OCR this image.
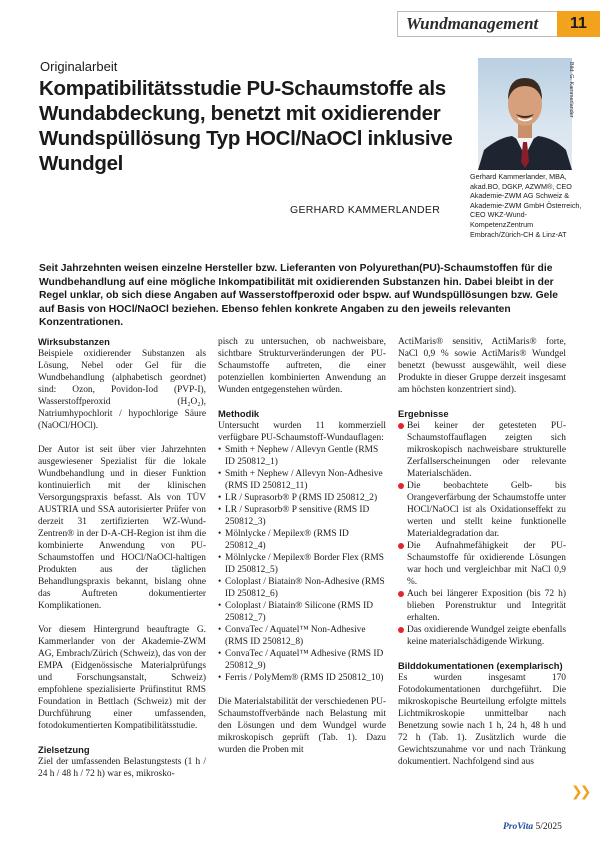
Wundmanagement	11
Originalarbeit
Kompatibilitätsstudie PU-Schaumstoffe als Wundabdeckung, benetzt mit oxidierender Wundspüllösung Typ HOCl/NaOCl inklusive Wundgel
GERHARD KAMMERLANDER
Bild: G. Kammerlander
Gerhard Kammerlander, MBA, akad.BO, DGKP, AZWM®, CEO Akademie-ZWM AG Schweiz & Akademie-ZWM GmbH Österreich, CEO WKZ-Wund-KompetenzZentrum Embrach/Zürich-CH & Linz-AT

Seit Jahrzehnten weisen einzelne Hersteller bzw. Lieferanten von Polyurethan(PU)-Schaumstoffen für die Wundbehandlung auf eine mögliche Inkompatibilität mit oxidierenden Substanzen hin. Dabei bleibt in der Regel unklar, ob sich diese Angaben auf Wasserstoffperoxid oder bspw. auf Wundspüllösungen bzw. Gele auf Basis von HOCl/NaOCl beziehen. Ebenso fehlen konkrete Angaben zu den jeweils relevanten Konzentrationen.

Wirksubstanzen

Beispiele oxidierender Substanzen als Lösung, Nebel oder Gel für die Wundbehandlung (alphabetisch geordnet) sind: Ozon, Povidon-Iod (PVP-I), Wasserstoffperoxid (H₂O₂), Natriumhypochlorit / hypochlorige Säure (NaOCl/HOCl).

Der Autor ist seit über vier Jahrzehnten ausgewiesener Spezialist für die lokale Wundbehandlung und in dieser Funktion kontinuierlich mit der klinischen Versorgungspraxis befasst. Als von TÜV AUSTRIA und SSA autorisierter Prüfer von derzeit 31 zertifizierten WZ-Wund-Zentren® in der D-A-CH-Region ist ihm die kombinierte Anwendung von PU-Schaumstoffen und HOCl/NaOCl-haltigen Produkten aus der täglichen Behandlungspraxis bekannt, bislang ohne das Auftreten dokumentierter Komplikationen.

Vor diesem Hintergrund beauftragte G. Kammerlander von der Akademie-ZWM AG, Embrach/Zürich (Schweiz), das von der EMPA (Eidgenössische Materialprüfungs und Forschungsanstalt, Schweiz) empfohlene spezialisierte Prüfinstitut RMS Foundation in Bettlach (Schweiz) mit der Durchführung einer umfassenden, fotodokumentierten Kompatibilitätsstudie.

Zielsetzung

Ziel der umfassenden Belastungstests (1 h / 24 h / 48 h / 72 h) war es, mikrosko-

pisch zu untersuchen, ob nachweisbare, sichtbare Strukturveränderungen der PU-Schaumstoffe auftreten, die einer potenziellen kombinierten Anwendung an Wunden entgegenstehen würden.

Methodik

Untersucht wurden 11 kommerziell verfügbare PU-Schaumstoff-Wundauflagen:

• Smith + Nephew / Allevyn Gentle (RMS ID 250812_1)
• Smith + Nephew / Allevyn Non-Adhesive (RMS ID 250812_11)
• LR / Suprasorb® P (RMS ID 250812_2)
• LR / Suprasorb® P sensitive (RMS ID 250812_3)
• Mölnlycke / Mepilex® (RMS ID 250812_4)
• Mölnlycke / Mepilex® Border Flex (RMS ID 250812_5)
• Coloplast / Biatain® Non-Adhesive (RMS ID 250812_6)
• Coloplast / Biatain® Silicone (RMS ID 250812_7)
• ConvaTec / Aquatel™ Non-Adhesive (RMS ID 250812_8)
• ConvaTec / Aquatel™ Adhesive (RMS ID 250812_9)
• Ferris / PolyMem® (RMS ID 250812_10)

Die Materialstabilität der verschiedenen PU-Schaumstoffverbände nach Belastung mit den Lösungen und dem Wundgel wurde mikroskopisch geprüft (Tab. 1). Dazu wurden die Proben mit

ActiMaris® sensitiv, ActiMaris® forte, NaCl 0,9 % sowie ActiMaris® Wundgel benetzt (bewusst ausgewählt, weil diese Produkte in dieser Gruppe derzeit insgesamt am höchsten konzentriert sind).

Ergebnisse
Bei keiner der getesteten PU-Schaumstoffauflagen zeigten sich mikroskopisch nachweisbare strukturelle Zerfallserscheinungen oder relevante Materialschäden.
Die beobachtete Gelb- bis Orangeverfärbung der Schaumstoffe unter HOCl/NaOCl ist als Oxidationseffekt zu werten und stellt keine funktionelle Materialdegradation dar.
Die Aufnahmefähigkeit der PU-Schaumstoffe für oxidierende Lösungen war hoch und vergleichbar mit NaCl 0,9 %.
Auch bei längerer Exposition (bis 72 h) blieben Porenstruktur und Integrität erhalten.
Das oxidierende Wundgel zeigte ebenfalls keine materialschädigende Wirkung.
Bilddokumentationen (exemplarisch)

Es wurden insgesamt 170 Fotodokumentationen durchgeführt. Die mikroskopische Beurteilung erfolgte mittels Lichtmikroskopie unmittelbar nach Benetzung sowie nach 1 h, 24 h, 48 h und 72 h (Tab. 1). Zusätzlich wurde die Gewichtszunahme vor und nach Tränkung dokumentiert. Nachfolgend sind aus

❯❯
ProVita 5/2025
